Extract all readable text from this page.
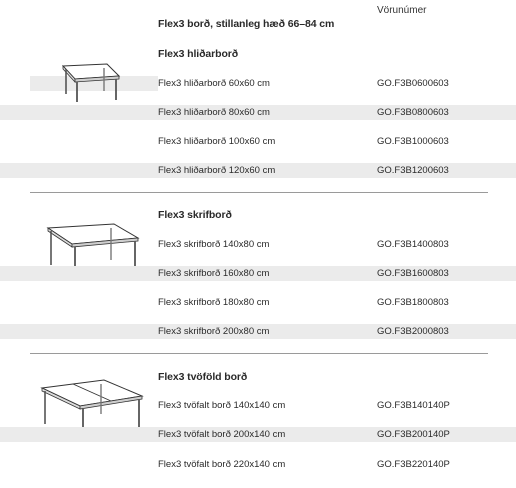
Vörunúmer
Flex3 borð, stillanleg hæð 66–84 cm
Flex3 hliðarborð
Flex3 hliðarborð 60x60 cm	GO.F3B0600603
Flex3 hliðarborð 80x60 cm	GO.F3B0800603
Flex3 hliðarborð 100x60 cm	GO.F3B1000603
Flex3 hliðarborð 120x60 cm	GO.F3B1200603
Flex3 skrifborð
Flex3 skrifborð 140x80 cm	GO.F3B1400803
Flex3 skrifborð 160x80 cm	GO.F3B1600803
Flex3 skrifborð 180x80 cm	GO.F3B1800803
Flex3 skrifborð 200x80 cm	GO.F3B2000803
Flex3 tvöföld borð
Flex3 tvöfalt borð 140x140 cm	GO.F3B140140P
Flex3 tvöfalt borð 200x140 cm	GO.F3B200140P
Flex3 tvöfalt borð 220x140 cm	GO.F3B220140P
